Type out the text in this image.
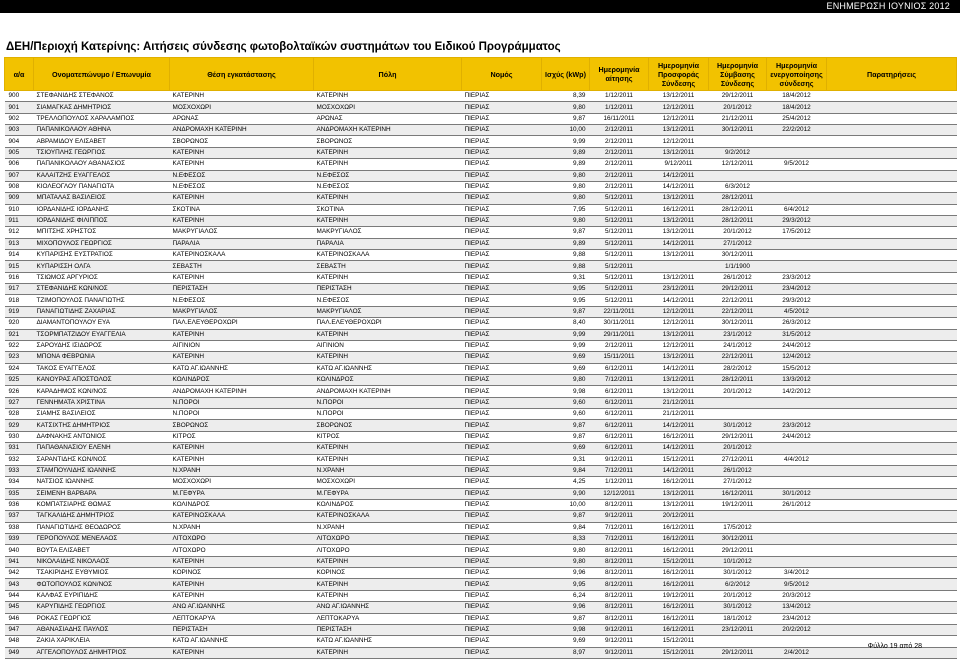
ΕΝΗΜΕΡΩΣΗ ΙΟΥΝΙΟΣ 2012
ΔΕΗ/Περιοχή Κατερίνης: Αιτήσεις σύνδεσης φωτοβολταϊκών συστημάτων του Ειδικού Προγράμματος
α/α	Ονοματεπώνυμο / Επωνυμία	Θέση εγκατάστασης	Πόλη	Νομός	Ισχύς (kWp)	Ημερομηνία αίτησης	Ημερομηνία Προσφοράς Σύνδεσης	Ημερομηνία Σύμβασης Σύνδεσης	Ημερομηνία ενεργοποίησης σύνδεσης	Παρατηρήσεις
900	ΣΤΕΦΑΝΙΔΗΣ ΣΤΕΦΑΝΟΣ	ΚΑΤΕΡΙΝΗ	ΚΑΤΕΡΙΝΗ	ΠΙΕΡΙΑΣ	8,39	1/12/2011	13/12/2011	29/12/2011	18/4/2012	
901	ΣΙΑΜΑΓΚΑΣ ΔΗΜΗΤΡΙΟΣ	ΜΟΣΧΟΧΩΡΙ	ΜΟΣΧΟΧΩΡΙ	ΠΙΕΡΙΑΣ	9,80	1/12/2011	12/12/2011	20/1/2012	18/4/2012	
902	ΤΡΕΛΛΟΠΟΥΛΟΣ ΧΑΡΑΛΑΜΠΟΣ	ΑΡΩΝΑΣ	ΑΡΩΝΑΣ	ΠΙΕΡΙΑΣ	9,87	16/11/2011	12/12/2011	21/12/2011	25/4/2012	
903	ΠΑΠΑΝΙΚΟΛΑΟΥ ΑΘΗΝΑ	ΑΝΔΡΟΜΑΧΗ ΚΑΤΕΡΙΝΗ	ΑΝΔΡΟΜΑΧΗ ΚΑΤΕΡΙΝΗ	ΠΙΕΡΙΑΣ	10,00	2/12/2011	13/12/2011	30/12/2011	22/2/2012	
904	ΑΒΡΑΜΙΔΟΥ ΕΛΙΣΑΒΕΤ	ΣΒΟΡΩΝΟΣ	ΣΒΟΡΩΝΟΣ	ΠΙΕΡΙΑΣ	9,99	2/12/2011	12/12/2011			
905	ΤΣΙΟΥΠΛΗΣ ΓΕΩΡΓΙΟΣ	ΚΑΤΕΡΙΝΗ	ΚΑΤΕΡΙΝΗ	ΠΙΕΡΙΑΣ	9,89	2/12/2011	13/12/2011	9/2/2012		
906	ΠΑΠΑΝΙΚΟΛΑΟΥ ΑΘΑΝΑΣΙΟΣ	ΚΑΤΕΡΙΝΗ	ΚΑΤΕΡΙΝΗ	ΠΙΕΡΙΑΣ	9,89	2/12/2011	9/12/2011	12/12/2011	9/5/2012	
907	ΚΑΛΑΙΤΖΗΣ ΕΥΑΓΓΕΛΟΣ	Ν.ΕΦΕΣΟΣ	Ν.ΕΦΕΣΟΣ	ΠΙΕΡΙΑΣ	9,80	2/12/2011	14/12/2011			
908	ΚΙΟΛΕΟΓΛΟΥ ΠΑΝΑΓΙΩΤΑ	Ν.ΕΦΕΣΟΣ	Ν.ΕΦΕΣΟΣ	ΠΙΕΡΙΑΣ	9,80	2/12/2011	14/12/2011	6/3/2012		
909	ΜΠΑΤΑΛΑΣ ΒΑΣΙΛΕΙΟΣ	ΚΑΤΕΡΙΝΗ	ΚΑΤΕΡΙΝΗ	ΠΙΕΡΙΑΣ	9,80	5/12/2011	13/12/2011	28/12/2011		
910	ΙΟΡΔΑΝΙΔΗΣ ΙΟΡΔΑΝΗΣ	ΣΚΟΤΙΝΑ	ΣΚΟΤΙΝΑ	ΠΙΕΡΙΑΣ	7,95	5/12/2011	16/12/2011	28/12/2011	6/4/2012	
911	ΙΟΡΔΑΝΙΔΗΣ ΦΙΛΙΠΠΟΣ	ΚΑΤΕΡΙΝΗ	ΚΑΤΕΡΙΝΗ	ΠΙΕΡΙΑΣ	9,80	5/12/2011	13/12/2011	28/12/2011	29/3/2012	
912	ΜΠΙΤΣΗΣ ΧΡΗΣΤΟΣ	ΜΑΚΡΥΓΙΑΛΟΣ	ΜΑΚΡΥΓΙΑΛΟΣ	ΠΙΕΡΙΑΣ	9,87	5/12/2011	13/12/2011	20/1/2012	17/5/2012	
913	ΜΙΧΟΠΟΥΛΟΣ ΓΕΩΡΓΙΟΣ	ΠΑΡΑΛΙΑ	ΠΑΡΑΛΙΑ	ΠΙΕΡΙΑΣ	9,89	5/12/2011	14/12/2011	27/1/2012		
914	ΚΥΠΑΡΙΣΗΣ ΕΥΣΤΡΑΤΙΟΣ	ΚΑΤΕΡΙΝΟΣΚΑΛΑ	ΚΑΤΕΡΙΝΟΣΚΑΛΑ	ΠΙΕΡΙΑΣ	9,88	5/12/2011	13/12/2011	30/12/2011		
915	ΚΥΠΑΡΙΣΣΗ ΟΛΓΑ	ΣΕΒΑΣΤΗ	ΣΕΒΑΣΤΗ	ΠΙΕΡΙΑΣ	9,88	5/12/2011		1/1/1900		
916	ΤΣΙΩΜΟΣ ΑΡΓΥΡΙΟΣ	ΚΑΤΕΡΙΝΗ	ΚΑΤΕΡΙΝΗ	ΠΙΕΡΙΑΣ	9,31	5/12/2011	13/12/2011	26/1/2012	23/3/2012	
917	ΣΤΕΦΑΝΙΔΗΣ ΚΩΝ/ΝΟΣ	ΠΕΡΙΣΤΑΣΗ	ΠΕΡΙΣΤΑΣΗ	ΠΙΕΡΙΑΣ	9,95	5/12/2011	23/12/2011	29/12/2011	23/4/2012	
918	ΤΖΙΜΟΠΟΥΛΟΣ ΠΑΝΑΓΙΩΤΗΣ	Ν.ΕΦΕΣΟΣ	Ν.ΕΦΕΣΟΣ	ΠΙΕΡΙΑΣ	9,95	5/12/2011	14/12/2011	22/12/2011	29/3/2012	
919	ΠΑΝΑΓΙΩΤΙΔΗΣ ΖΑΧΑΡΙΑΣ	ΜΑΚΡΥΓΙΑΛΟΣ	ΜΑΚΡΥΓΙΑΛΟΣ	ΠΙΕΡΙΑΣ	9,87	22/11/2011	12/12/2011	22/12/2011	4/5/2012	
920	ΔΙΑΜΑΝΤΟΠΟΥΛΟΥ ΕΥΑ	ΠΑΛ.ΕΛΕΥΘΕΡΟΧΩΡΙ	ΠΑΛ.ΕΛΕΥΘΕΡΟΧΩΡΙ	ΠΙΕΡΙΑΣ	8,40	30/11/2011	12/12/2011	30/12/2011	26/3/2012	
921	ΤΣΟΡΜΠΑΤΖΙΔΟΥ ΕΥΑΓΓΕΛΙΑ	ΚΑΤΕΡΙΝΗ	ΚΑΤΕΡΙΝΗ	ΠΙΕΡΙΑΣ	9,99	29/11/2011	13/12/2011	23/1/2012	31/5/2012	
922	ΣΑΡΟΥΔΗΣ ΙΣΙΔΩΡΟΣ	ΑΙΓΙΝΙΟΝ	ΑΙΓΙΝΙΟΝ	ΠΙΕΡΙΑΣ	9,99	2/12/2011	12/12/2011	24/1/2012	24/4/2012	
923	ΜΠΟΝΑ ΦΕΒΡΩΝΙΑ	ΚΑΤΕΡΙΝΗ	ΚΑΤΕΡΙΝΗ	ΠΙΕΡΙΑΣ	9,69	15/11/2011	13/12/2011	22/12/2011	12/4/2012	
924	ΤΑΚΟΣ ΕΥΑΓΓΕΛΟΣ	ΚΑΤΩ ΑΓ.ΙΩΑΝΝΗΣ	ΚΑΤΩ ΑΓ.ΙΩΑΝΝΗΣ	ΠΙΕΡΙΑΣ	9,69	6/12/2011	14/12/2011	28/2/2012	15/5/2012	
925	ΚΑΝΟΥΡΑΣ ΑΠΟΣΤΟΛΟΣ	ΚΟΛΙΝΔΡΟΣ	ΚΟΛΙΝΔΡΟΣ	ΠΙΕΡΙΑΣ	9,80	7/12/2011	13/12/2011	28/12/2011	13/3/2012	
926	ΚΑΡΑΔΗΜΟΣ ΚΩΝ/ΝΟΣ	ΑΝΔΡΟΜΑΧΗ ΚΑΤΕΡΙΝΗ	ΑΝΔΡΟΜΑΧΗ ΚΑΤΕΡΙΝΗ	ΠΙΕΡΙΑΣ	9,98	6/12/2011	13/12/2011	20/1/2012	14/2/2012	
927	ΓΕΝΝΗΜΑΤΑ ΧΡΙΣΤΙΝΑ	Ν.ΠΟΡΟΙ	Ν.ΠΟΡΟΙ	ΠΙΕΡΙΑΣ	9,60	6/12/2011	21/12/2011			
928	ΣΙΑΜΗΣ ΒΑΣΙΛΕΙΟΣ	Ν.ΠΟΡΟΙ	Ν.ΠΟΡΟΙ	ΠΙΕΡΙΑΣ	9,60	6/12/2011	21/12/2011			
929	ΚΑΤΣΙΧΤΗΣ ΔΗΜΗΤΡΙΟΣ	ΣΒΟΡΩΝΟΣ	ΣΒΟΡΩΝΟΣ	ΠΙΕΡΙΑΣ	9,87	6/12/2011	14/12/2011	30/1/2012	23/3/2012	
930	ΔΑΦΝΑΚΗΣ ΑΝΤΩΝΙΟΣ	ΚΙΤΡΟΣ	ΚΙΤΡΟΣ	ΠΙΕΡΙΑΣ	9,87	6/12/2011	16/12/2011	29/12/2011	24/4/2012	
931	ΠΑΠΑΘΑΝΑΣΙΟΥ ΕΛΕΝΗ	ΚΑΤΕΡΙΝΗ	ΚΑΤΕΡΙΝΗ	ΠΙΕΡΙΑΣ	9,69	6/12/2011	14/12/2011	20/1/2012		
932	ΣΑΡΑΝΤΙΔΗΣ ΚΩΝ/ΝΟΣ	ΚΑΤΕΡΙΝΗ	ΚΑΤΕΡΙΝΗ	ΠΙΕΡΙΑΣ	9,31	9/12/2011	15/12/2011	27/12/2011	4/4/2012	
933	ΣΤΑΜΠΟΥΛΙΔΗΣ ΙΩΑΝΝΗΣ	Ν.ΧΡΑΝΗ	Ν.ΧΡΑΝΗ	ΠΙΕΡΙΑΣ	9,84	7/12/2011	14/12/2011	26/1/2012		
934	ΝΑΤΣΙΟΣ ΙΩΑΝΝΗΣ	ΜΟΣΧΟΧΩΡΙ	ΜΟΣΧΟΧΩΡΙ	ΠΙΕΡΙΑΣ	4,25	1/12/2011	16/12/2011	27/1/2012		
935	ΣΕΙΜΕΝΗ ΒΑΡΒΑΡΑ	Μ.ΓΕΦΥΡΑ	Μ.ΓΕΦΥΡΑ	ΠΙΕΡΙΑΣ	9,90	12/12/2011	13/12/2011	16/12/2011	30/1/2012	
936	ΚΟΜΠΑΤΣΙΑΡΗΣ ΘΩΜΑΣ	ΚΟΛΙΝΔΡΟΣ	ΚΟΛΙΝΔΡΟΣ	ΠΙΕΡΙΑΣ	10,00	8/12/2011	13/12/2011	19/12/2011	26/1/2012	
937	ΤΑΓΚΑΛΙΔΗΣ ΔΗΜΗΤΡΙΟΣ	ΚΑΤΕΡΙΝΟΣΚΑΛΑ	ΚΑΤΕΡΙΝΟΣΚΑΛΑ	ΠΙΕΡΙΑΣ	9,87	9/12/2011	20/12/2011			
938	ΠΑΝΑΓΙΩΤΙΔΗΣ ΘΕΟΔΩΡΟΣ	Ν.ΧΡΑΝΗ	Ν.ΧΡΑΝΗ	ΠΙΕΡΙΑΣ	9,84	7/12/2011	16/12/2011	17/5/2012		
939	ΓΕΡΟΠΟΥΛΟΣ ΜΕΝΕΛΑΟΣ	ΛΙΤΟΧΩΡΟ	ΛΙΤΟΧΩΡΟ	ΠΙΕΡΙΑΣ	8,33	7/12/2011	16/12/2011	30/12/2011		
940	ΒΟΥΤΑ ΕΛΙΣΑΒΕΤ	ΛΙΤΟΧΩΡΟ	ΛΙΤΟΧΩΡΟ	ΠΙΕΡΙΑΣ	9,80	8/12/2011	16/12/2011	29/12/2011		
941	ΝΙΚΟΛΑΙΔΗΣ ΝΙΚΟΛΑΟΣ	ΚΑΤΕΡΙΝΗ	ΚΑΤΕΡΙΝΗ	ΠΙΕΡΙΑΣ	9,80	8/12/2011	15/12/2011	10/1/2012		
942	ΤΣΑΚΙΡΙΔΗΣ ΕΥΘΥΜΙΟΣ	ΚΟΡΙΝΟΣ	ΚΟΡΙΝΟΣ	ΠΙΕΡΙΑΣ	9,96	8/12/2011	16/12/2011	30/1/2012	3/4/2012	
943	ΦΩΤΟΠΟΥΛΟΣ ΚΩΝ/ΝΟΣ	ΚΑΤΕΡΙΝΗ	ΚΑΤΕΡΙΝΗ	ΠΙΕΡΙΑΣ	9,95	8/12/2011	16/12/2011	6/2/2012	9/5/2012	
944	ΚΑΛΦΑΣ ΕΥΡΙΠΙΔΗΣ	ΚΑΤΕΡΙΝΗ	ΚΑΤΕΡΙΝΗ	ΠΙΕΡΙΑΣ	6,24	8/12/2011	19/12/2011	20/1/2012	20/3/2012	
945	ΚΑΡΥΠΙΔΗΣ ΓΕΩΡΓΙΟΣ	ΑΝΩ ΑΓ.ΙΩΑΝΝΗΣ	ΑΝΩ ΑΓ.ΙΩΑΝΝΗΣ	ΠΙΕΡΙΑΣ	9,96	8/12/2011	16/12/2011	30/1/2012	13/4/2012	
946	ΡΟΚΑΣ ΓΕΩΡΓΙΟΣ	ΛΕΠΤΟΚΑΡΥΑ	ΛΕΠΤΟΚΑΡΥΑ	ΠΙΕΡΙΑΣ	9,87	8/12/2011	16/12/2011	18/1/2012	23/4/2012	
947	ΑΘΑΝΑΣΙΑΔΗΣ ΠΑΥΛΟΣ	ΠΕΡΙΣΤΑΣΗ	ΠΕΡΙΣΤΑΣΗ	ΠΙΕΡΙΑΣ	9,98	9/12/2011	16/12/2011	23/12/2011	20/2/2012	
948	ΖΑΚΙΑ ΧΑΡΙΚΛΕΙΑ	ΚΑΤΩ ΑΓ.ΙΩΑΝΝΗΣ	ΚΑΤΩ ΑΓ.ΙΩΑΝΝΗΣ	ΠΙΕΡΙΑΣ	9,69	9/12/2011	15/12/2011			
949	ΑΓΓΕΛΟΠΟΥΛΟΣ ΔΗΜΗΤΡΙΟΣ	ΚΑΤΕΡΙΝΗ	ΚΑΤΕΡΙΝΗ	ΠΙΕΡΙΑΣ	8,97	9/12/2011	15/12/2011	29/12/2011	2/4/2012	
Φύλλο 19 από 28
